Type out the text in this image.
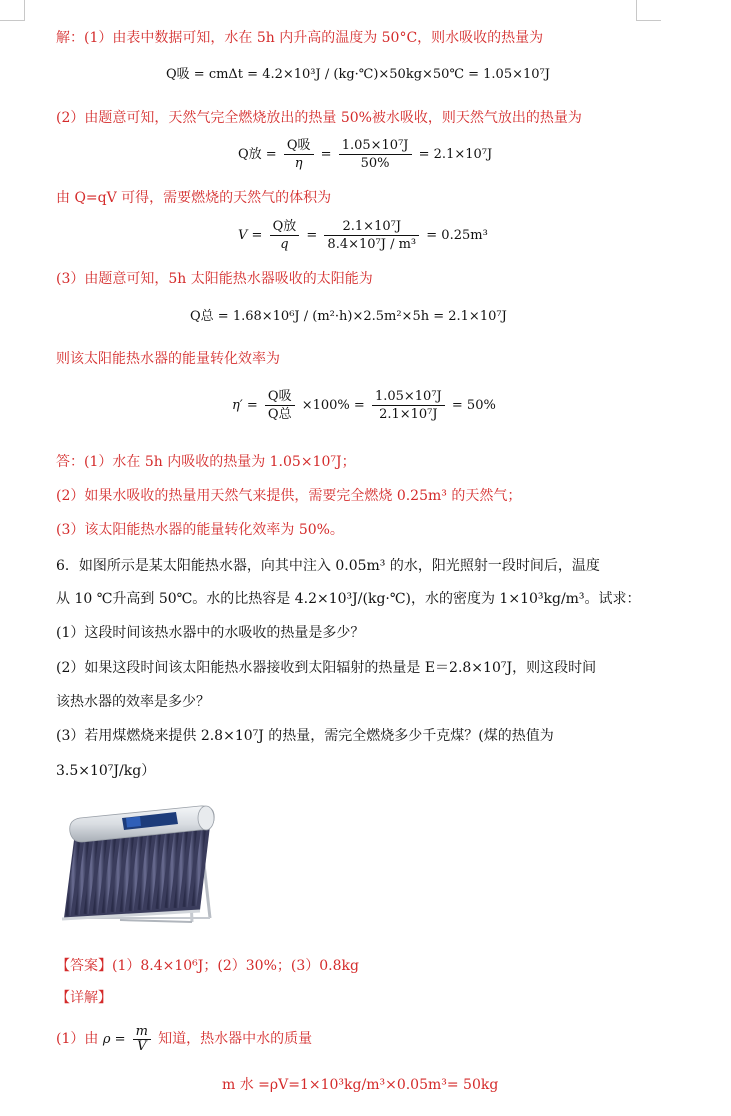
解：(1）由表中数据可知，水在 5h 内升高的温度为 50°C，则水吸收的热量为
Q吸 = cmΔt = 4.2×10³J / (kg·℃)×50kg×50℃ = 1.05×10⁷J
(2）由题意可知，天然气完全燃烧放出的热量 50%被水吸收，则天然气放出的热量为
Q放 = $\frac{\text{Q吸}}{\eta} = \frac{\text{1.05×10⁷J}}{50\%} = 2.1\times 10^7J$
由 Q=qV 可得，需要燃烧的天然气的体积为
$V = \frac{\text{Q放}}{q} = \frac{\text{2.1×10⁷J}}{\text{8.4×10⁷J / m³}} = 0.25m^3$
(3）由题意可知，5h 太阳能热水器吸收的太阳能为
Q总 = 1.68×10⁶J / (m²·h)×2.5m²×5h = 2.1×10⁷J
则该太阳能热水器的能量转化效率为
$\eta' = \frac{\text{Q吸}}{\text{Q总}} \times 100\% = \frac{\text{1.05×10⁷J}}{\text{2.1×10⁷J}} = 50\%$
答：(1）水在 5h 内吸收的热量为 1.05×10⁷J；
(2）如果水吸收的热量用天然气来提供，需要完全燃烧 0.25m³ 的天然气；
(3）该太阳能热水器的能量转化效率为 50%。
6．如图所示是某太阳能热水器，向其中注入 0.05m³ 的水，阳光照射一段时间后，温度
从 10 ℃升高到 50℃。水的比热容是 4.2×10³J/(kg·℃)，水的密度为 1×10³kg/m³。试求：
(1）这段时间该热水器中的水吸收的热量是多少？
(2）如果这段时间该太阳能热水器接收到太阳辐射的热量是 E＝2.8×10⁷J，则这段时间
该热水器的效率是多少？
(3）若用煤燃烧来提供 2.8×10⁷J 的热量，需完全燃烧多少千克煤？(煤的热值为
3.5×10⁷J/kg）
【答案】(1）8.4×10⁶J；(2）30%；(3）0.8kg
【详解】
(1）由 $\rho = \frac{m}{V}$ 知道，热水器中水的质量
m 水 =ρV=1×10³kg/m³×0.05m³= 50kg
